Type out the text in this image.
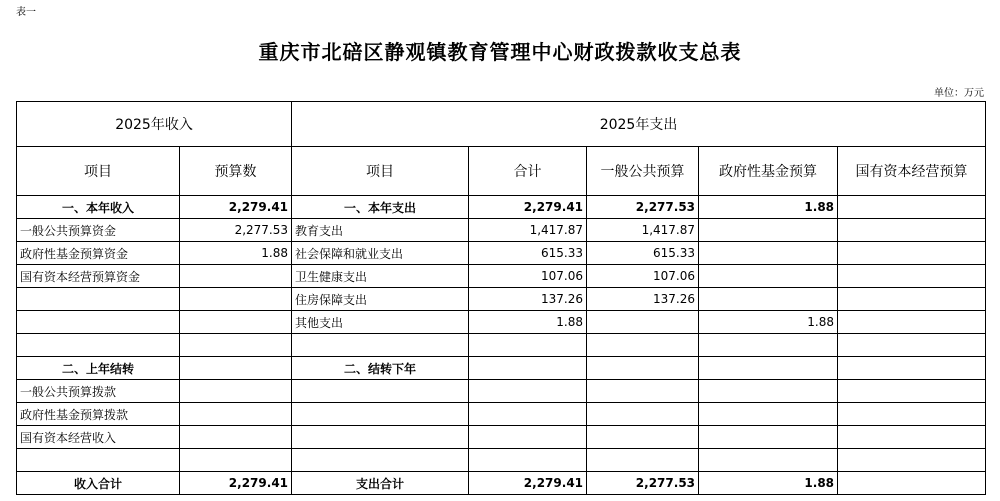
表一
重庆市北碚区静观镇教育管理中心财政拨款收支总表
单位：万元
2025年收入		2025年支出				
项目	预算数	项目	合计	一般公共预算	政府性基金预算	国有资本经营预算
一、本年收入	2,279.41	一、本年支出	2,279.41	2,277.53	1.88	
一般公共预算资金	2,277.53	教育支出	1,417.87	1,417.87		
政府性基金预算资金	1.88	社会保障和就业支出	615.33	615.33		
国有资本经营预算资金		卫生健康支出	107.06	107.06		
		住房保障支出	137.26	137.26		
		其他支出	1.88		1.88	

二、上年结转		二、结转下年				
一般公共预算拨款						
政府性基金预算拨款						
国有资本经营收入						

收入合计	2,279.41	支出合计	2,279.41	2,277.53	1.88	
